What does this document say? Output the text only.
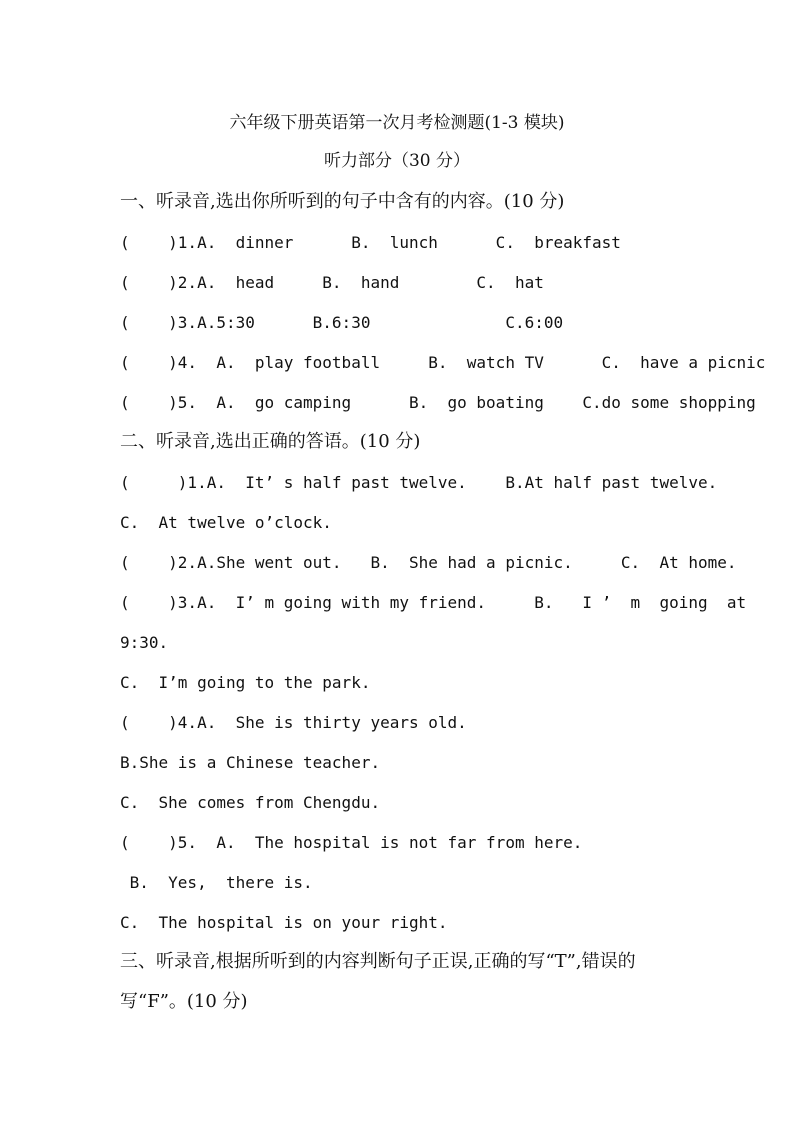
六年级下册英语第一次月考检测题(1-3 模块)
听力部分（30 分）
一、听录音,选出你所听到的句子中含有的内容。(10 分)
(    )1.A.  dinner      B.  lunch      C.  breakfast
(    )2.A.  head     B.  hand        C.  hat
(    )3.A.5:30      B.6:30              C.6:00
(    )4.  A.  play football     B.  watch TV      C.  have a picnic
(    )5.  A.  go camping      B.  go boating    C.do some shopping
二、听录音,选出正确的答语。(10 分)
(     )1.A.  It’ s half past twelve.    B.At half past twelve.
C.  At twelve o’clock.
(    )2.A.She went out.   B.  She had a picnic.     C.  At home.
(    )3.A.  I’ m going with my friend.     B.   I ’  m  going  at
9:30.
C.  I’m going to the park.
(    )4.A.  She is thirty years old.
B.She is a Chinese teacher.
C.  She comes from Chengdu.
(    )5.  A.  The hospital is not far from here.
B.  Yes,  there is.
C.  The hospital is on your right.
三、听录音,根据所听到的内容判断句子正误,正确的写“T”,错误的
写“F”。(10 分)
